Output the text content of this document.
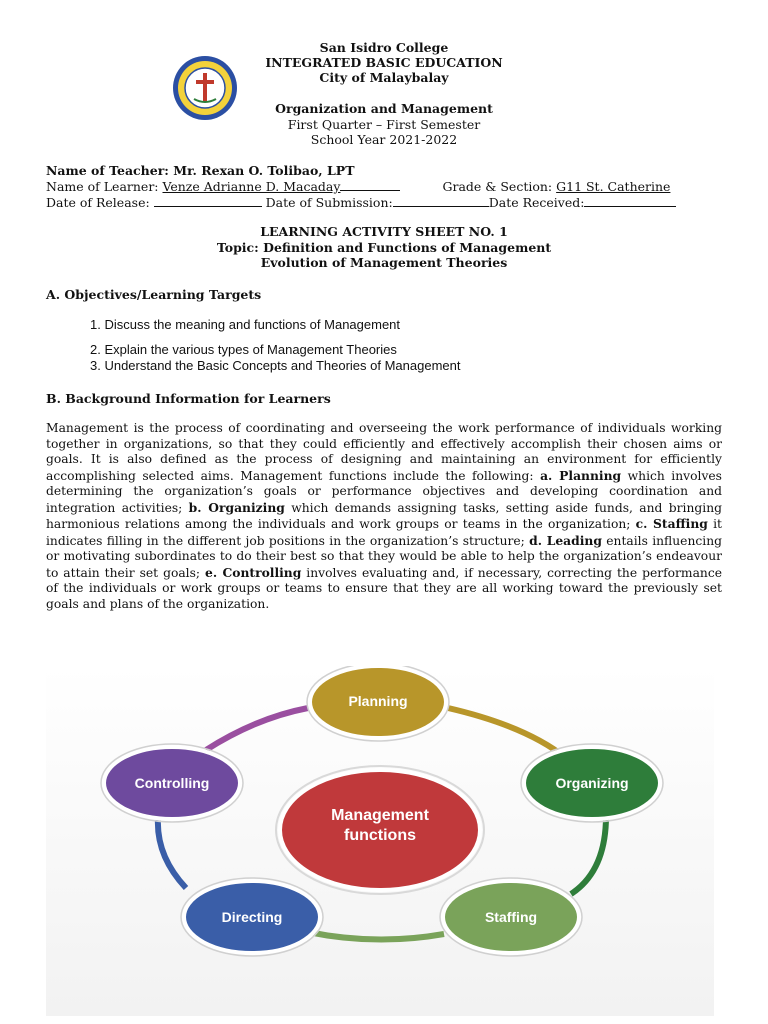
San Isidro College
INTEGRATED BASIC EDUCATION
City of Malaybalay
Organization and Management
First Quarter – First Semester
School Year 2021-2022
Name of Teacher: Mr. Rexan O. Tolibao, LPT
Name of Learner: Venze Adrianne D. Macaday	Grade & Section: G11 St. Catherine
Date of Release:	Date of Submission:	Date Received:
LEARNING ACTIVITY SHEET NO. 1
Topic: Definition and Functions of Management
Evolution of Management Theories
A. Objectives/Learning Targets
1. Discuss the meaning and functions of Management
2. Explain the various types of Management Theories
3. Understand the Basic Concepts and Theories of Management
B. Background Information for Learners
Management is the process of coordinating and overseeing the work performance of individuals working together in organizations, so that they could efficiently and effectively accomplish their chosen aims or goals. It is also defined as the process of designing and maintaining an environment for efficiently accomplishing selected aims. Management functions include the following: a. Planning which involves determining the organization’s goals or performance objectives and developing coordination and integration activities; b. Organizing which demands assigning tasks, setting aside funds, and bringing harmonious relations among the individuals and work groups or teams in the organization; c. Staffing it indicates filling in the different job positions in the organization’s structure; d. Leading entails influencing or motivating subordinates to do their best so that they would be able to help the organization’s endeavour to attain their set goals; e. Controlling involves evaluating and, if necessary, correcting the performance of the individuals or work groups or teams to ensure that they are all working toward the previously set goals and plans of the organization.
Management
functions
Planning
Organizing
Staffing
Directing
Controlling
